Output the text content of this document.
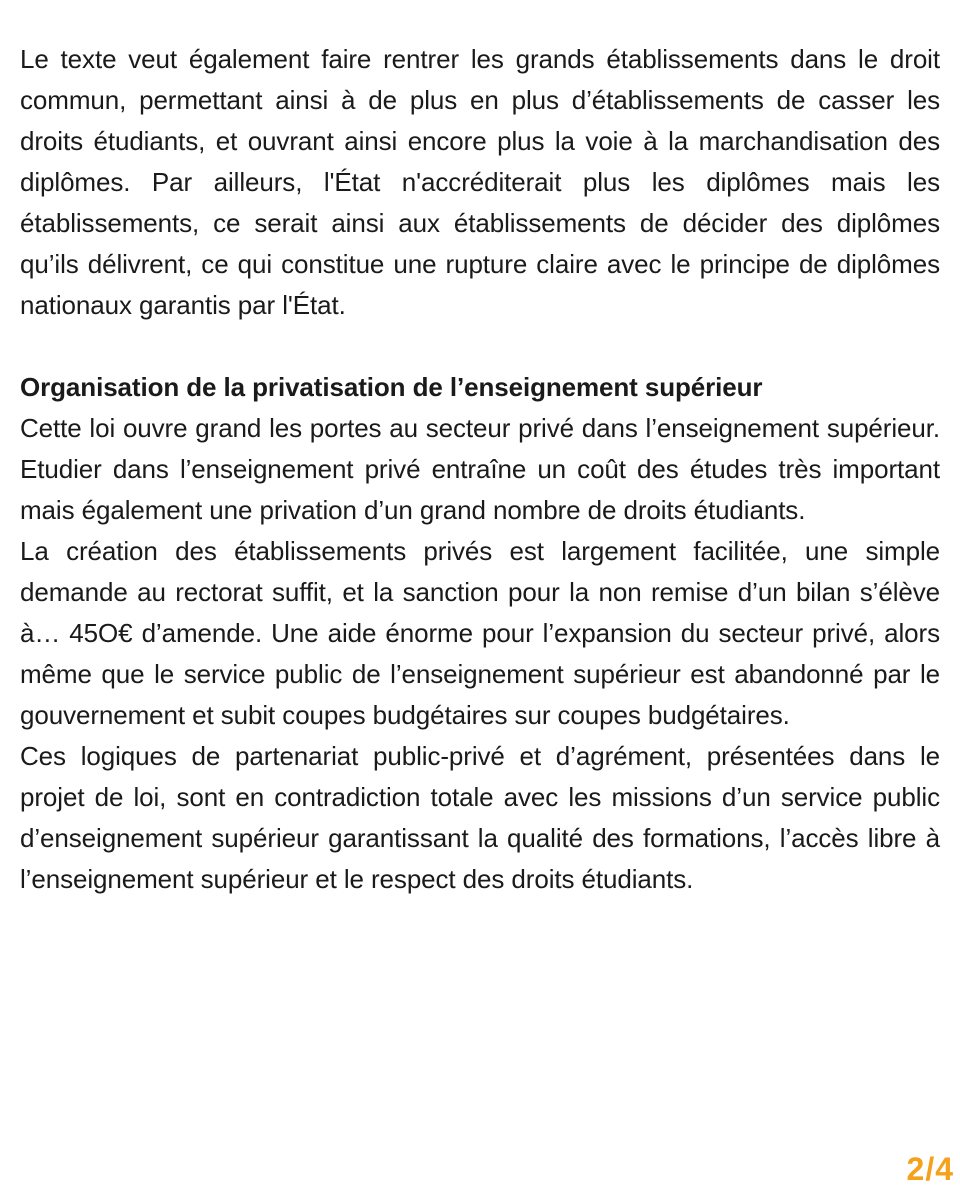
Le texte veut également faire rentrer les grands établissements dans le droit commun, permettant ainsi à de plus en plus d’établissements de casser les droits étudiants, et ouvrant ainsi encore plus la voie à la marchandisation des diplômes. Par ailleurs, l'État n'accréditerait plus les diplômes mais les établissements, ce serait ainsi aux établissements de décider des diplômes qu’ils délivrent, ce qui constitue une rupture claire avec le principe de diplômes nationaux garantis par l'État.

Organisation de la privatisation de l’enseignement supérieur

Cette loi ouvre grand les portes au secteur privé dans l’enseignement supérieur. Etudier dans l’enseignement privé entraîne un coût des études très important mais également une privation d’un grand nombre de droits étudiants.

La création des établissements privés est largement facilitée, une simple demande au rectorat suffit, et la sanction pour la non remise d’un bilan s’élève à… 45O€ d’amende. Une aide énorme pour l’expansion du secteur privé, alors même que le service public de l’enseignement supérieur est abandonné par le gouvernement et subit coupes budgétaires sur coupes budgétaires.

Ces logiques de partenariat public-privé et d’agrément, présentées dans le projet de loi, sont en contradiction totale avec les missions d’un service public d’enseignement supérieur garantissant la qualité des formations, l’accès libre à l’enseignement supérieur et le respect des droits étudiants.

2/4
